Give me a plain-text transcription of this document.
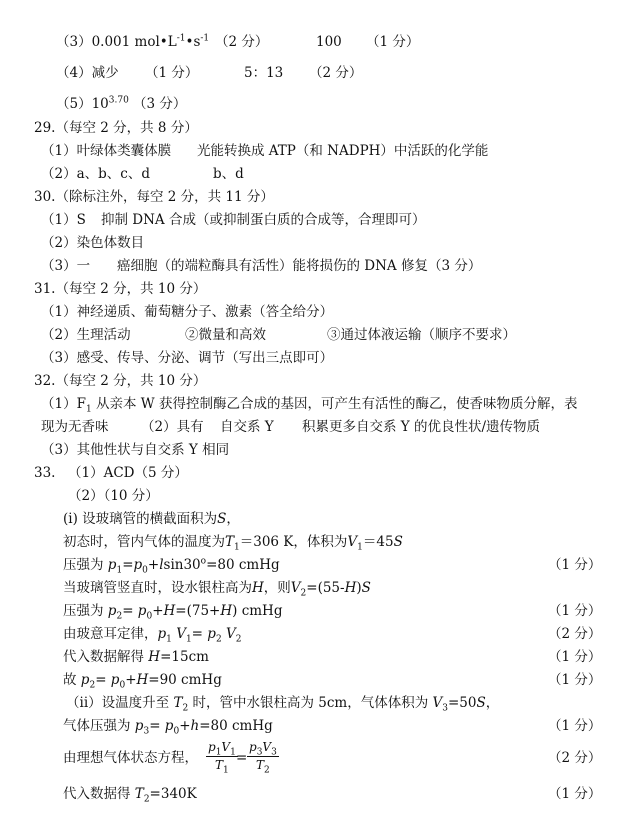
（3）0.001 $mol•L^{-1}•s^{-1}$ （2 分）	100 （1 分）
（4）减少 （1 分）	5：13 （2 分）
$(5)10^{3.70}$ （3 分）
29.（每空 2 分，共 8 分）
（1）叶绿体类囊体膜 光能转换成 ATP（和 NADPH）中活跃的化学能
（2）a、b、c、d	b、d
30.（除标注外，每空 2 分，共 11 分）
（1）S 抑制 DNA 合成（或抑制蛋白质的合成等，合理即可）
（2）染色体数目
（3）一 癌细胞（的端粒酶具有活性）能将损伤的 DNA 修复（3 分）
31.（每空 2 分，共 10 分）
（1）神经递质、葡萄糖分子、激素（答全给分）
（2）生理活动	②微量和高效	③通过体液运输（顺序不要求）
（3）感受、传导、分泌、调节（写出三点即可）
32.（每空 2 分，共 10 分）
$(1)F_1$ 从亲本 W 获得控制酶乙合成的基因，可产生有活性的酶乙，使香味物质分解，表
现为无香味 （2）具有 自交系 Y 积累更多自交系 Y 的优良性状/遗传物质
（3）其他性状与自交系 Y 相同
33. （1）ACD（5 分）
（2）（10 分）
(i) 设玻璃管的横截面积为S，
初态时，管内气体的温度为$T_1=306$ K，体积为$V_1=45S$
压强为 $p_1=p_0+lsin30^o=80$ cmHg	（1 分）
当玻璃管竖直时，设水银柱高为H，则$V_2=(55-H)S$
压强为 $p_2= p_0+H=(75+H)$ cmHg	（1 分）
由玻意耳定律，$p_1$ $V_1= p_2$ $V_2$	（2 分）
代入数据解得 H=15cm	（1 分）
故 $p_2= p_0+H=90$ cmHg	（1 分）
（ii）设温度升至 $T_2$ 时，管中水银柱高为 5cm，气体体积为 $V_3=50S$，
气体压强为 $p_3= p_0+h=80$ cmHg	（1 分）
由理想气体状态方程， $\frac{p_1V_1}{T_1}$
= $\frac{p_3V_3}{T_2}$	（2 分）
代入数据得 $T_2=340K$	（1 分）
